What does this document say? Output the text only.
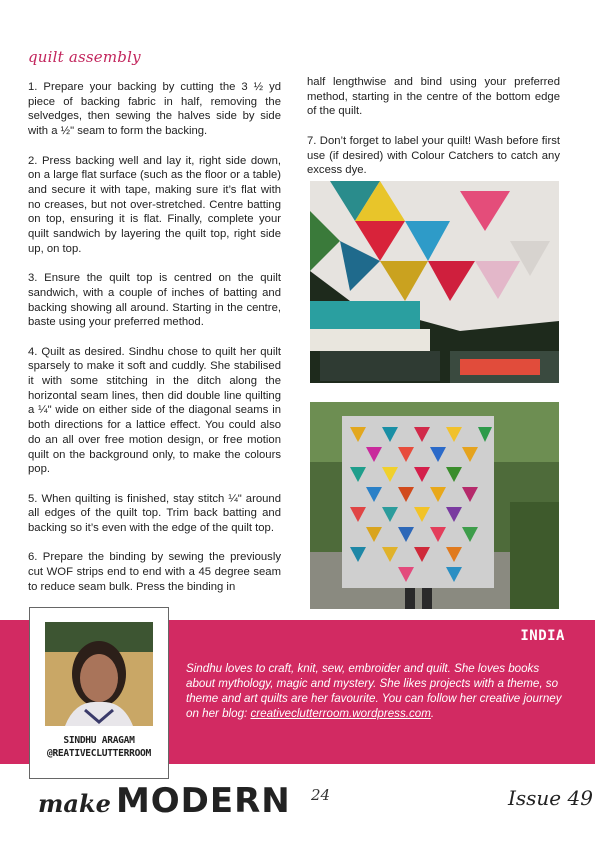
quilt assembly

1. Prepare your backing by cutting the 3 ½ yd piece of backing fabric in half, removing the selvedges, then sewing the halves side by side with a ½" seam to form the backing.

2. Press backing well and lay it, right side down, on a large flat surface (such as the floor or a table) and secure it with tape, making sure it’s flat with no creases, but not over-stretched. Centre batting on top, ensuring it is flat. Finally, complete your quilt sandwich by layering the quilt top, right side up, on top.

3. Ensure the quilt top is centred on the quilt sandwich, with a couple of inches of batting and backing showing all around. Starting in the centre, baste using your preferred method.

4. Quilt as desired. Sindhu chose to quilt her quilt sparsely to make it soft and cuddly. She stabilised it with some stitching in the ditch along the horizontal seam lines, then did double line quilting a ¼" wide on either side of the diagonal seams in both directions for a lattice effect. You could also do an all over free motion design, or free motion quilt on the background only, to make the colours pop.

5. When quilting is finished, stay stitch ¼" around all edges of the quilt top. Trim back batting and backing so it’s even with the edge of the quilt top.

6. Prepare the binding by sewing the previously cut WOF strips end to end with a 45 degree seam to reduce seam bulk. Press the binding in

half lengthwise and bind using your preferred method, starting in the centre of the bottom edge of the quilt.

7. Don’t forget to label your quilt! Wash before first use (if desired) with Colour Catchers to catch any excess dye.

INDIA
Sindhu loves to craft, knit, sew, embroider and quilt. She loves books about mythology, magic and mystery. She likes projects with a theme, so theme and art quilts are her favourite. You can follow her creative journey on her blog: creativeclutterroom.wordpress.com.
SINDHU ARAGAM
@REATIVECLUTTERROOM
make MODERN 24	Issue 49
